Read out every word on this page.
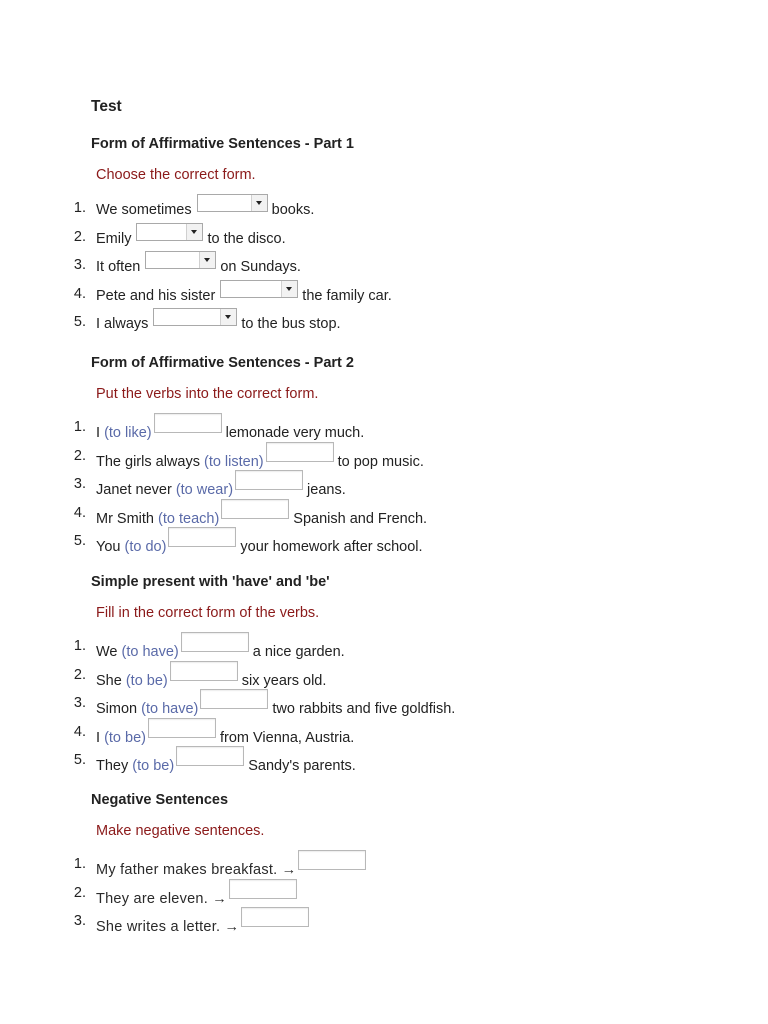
Test
Form of Affirmative Sentences - Part 1
Choose the correct form.
1. We sometimes	books.
2. Emily	to the disco.
3. It often	on Sundays.
4. Pete and his sister	the family car.
5. I always	to the bus stop.
Form of Affirmative Sentences - Part 2
Put the verbs into the correct form.
1. I (to like)	lemonade very much.
2. The girls always (to listen)	to pop music.
3. Janet never (to wear)	jeans.
4. Mr Smith (to teach)	Spanish and French.
5. You (to do)	your homework after school.
Simple present with 'have' and 'be'
Fill in the correct form of the verbs.
1. We (to have)	a nice garden.
2. She (to be)	six years old.
3. Simon (to have)	two rabbits and five goldfish.
4. I (to be)	from Vienna, Austria.
5. They (to be)	Sandy's parents.
Negative Sentences
Make negative sentences.
1. My father makes breakfast. →
2. They are eleven. →
3. She writes a letter. →
